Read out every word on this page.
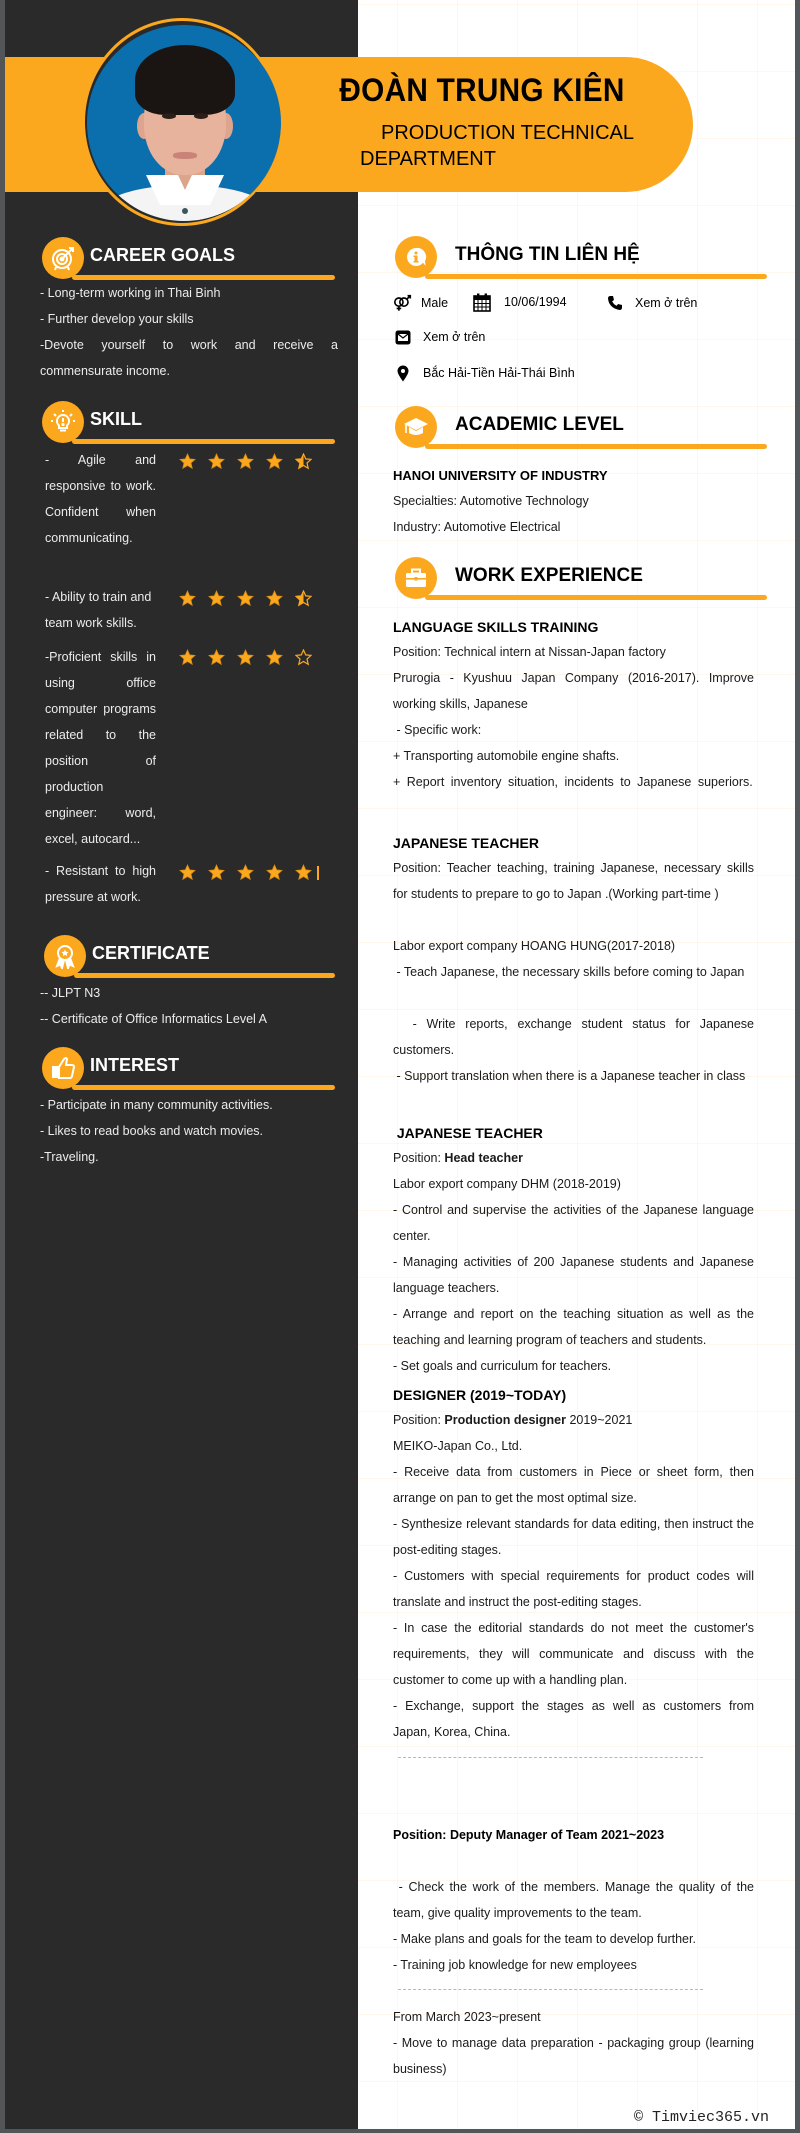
ĐOÀN TRUNG KIÊN
PRODUCTION TECHNICAL
DEPARTMENT
CAREER GOALS
- Long-term working in Thai Binh
- Further develop your skills
-Devote yourself to work and receive a commensurate income.
SKILL
- Agile and responsive to work. Confident when communicating.
- Ability to train and team work skills.
-Proficient skills in using office computer programs related to the position of production engineer: word, excel, autocard...
- Resistant to high pressure at work.
CERTIFICATE
-- JLPT N3
-- Certificate of Office Informatics Level A
INTEREST
- Participate in many community activities.
- Likes to read books and watch movies.
-Traveling.
THÔNG TIN LIÊN HỆ
Male	10/06/1994	Xem ở trên
Xem ở trên
Bắc Hải-Tiền Hải-Thái Bình
ACADEMIC LEVEL
HANOI UNIVERSITY OF INDUSTRY
Specialties: Automotive Technology
Industry: Automotive Electrical
WORK EXPERIENCE
LANGUAGE SKILLS TRAINING
Position: Technical intern at Nissan-Japan factory
Prurogia - Kyushuu Japan Company (2016-2017). Improve working skills, Japanese
- Specific work:
+ Transporting automobile engine shafts.
+ Report inventory situation, incidents to Japanese superiors.
JAPANESE TEACHER
Position: Teacher teaching, training Japanese, necessary skills for students to prepare to go to Japan .(Working part-time )
Labor export company HOANG HUNG(2017-2018)
- Teach Japanese, the necessary skills before coming to Japan
- Write reports, exchange student status for Japanese customers.
- Support translation when there is a Japanese teacher in class
JAPANESE TEACHER
Position: Head teacher
Labor export company DHM (2018-2019)
- Control and supervise the activities of the Japanese language center.
- Managing activities of 200 Japanese students and Japanese language teachers.
- Arrange and report on the teaching situation as well as the teaching and learning program of teachers and students.
- Set goals and curriculum for teachers.
DESIGNER (2019~TODAY)
Position: Production designer 2019~2021
MEIKO-Japan Co., Ltd.
- Receive data from customers in Piece or sheet form, then arrange on pan to get the most optimal size.
- Synthesize relevant standards for data editing, then instruct the post-editing stages.
- Customers with special requirements for product codes will translate and instruct the post-editing stages.
- In case the editorial standards do not meet the customer's requirements, they will communicate and discuss with the customer to come up with a handling plan.
- Exchange, support the stages as well as customers from Japan, Korea, China.
Position: Deputy Manager of Team 2021~2023
- Check the work of the members. Manage the quality of the team, give quality improvements to the team.
- Make plans and goals for the team to develop further.
- Training job knowledge for new employees
From March 2023~present
- Move to manage data preparation - packaging group (learning business)
© Timviec365.vn
